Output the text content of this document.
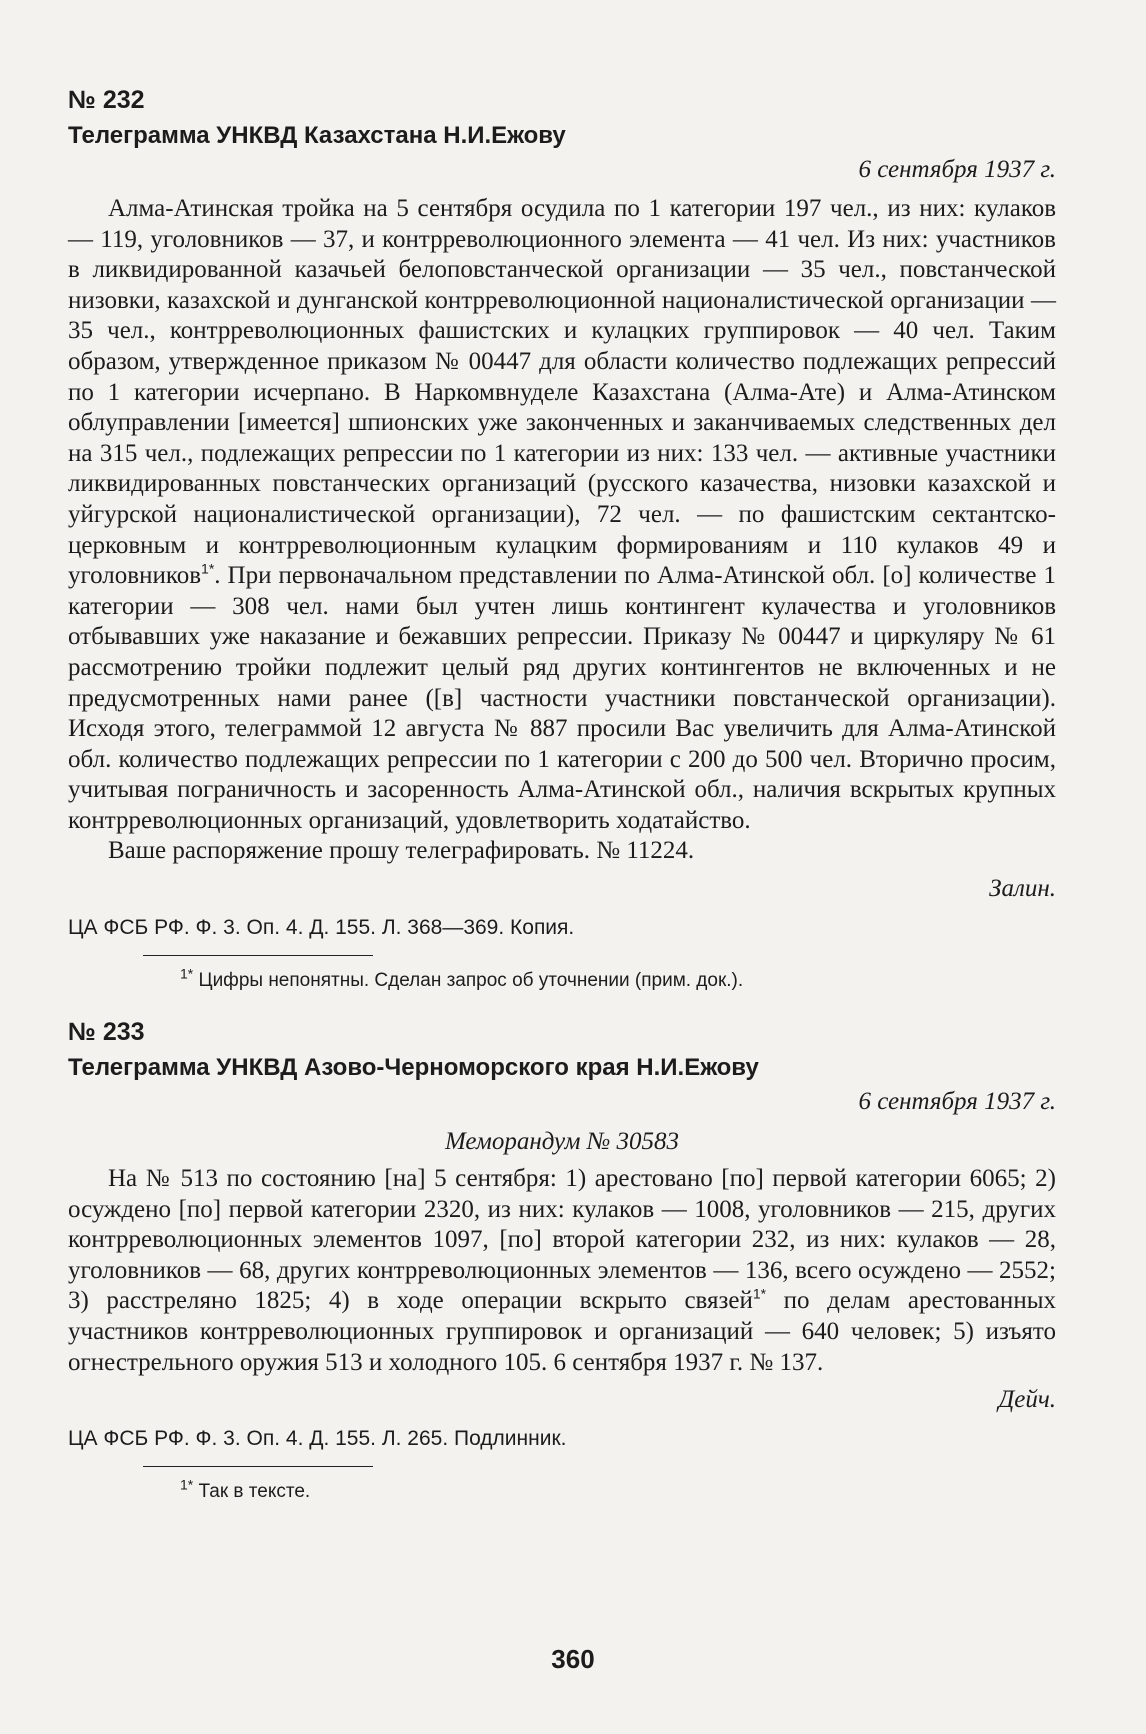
№ 232

Телеграмма УНКВД Казахстана Н.И.Ежову

6 сентября 1937 г.

Алма-Атинская тройка на 5 сентября осудила по 1 категории 197 чел., из них: кулаков — 119, уголовников — 37, и контрреволюционного элемента — 41 чел. Из них: участников в ликвидированной казачьей белоповстанческой организации — 35 чел., повстанческой низовки, казахской и дунганской контрреволюционной националистической организации — 35 чел., контрреволюционных фашистских и кулацких группировок — 40 чел. Таким образом, утвержденное приказом № 00447 для области количество подлежащих репрессий по 1 категории исчерпано. В Наркомвнуделе Казахстана (Алма-Ате) и Алма-Атинском облуправлении [имеется] шпионских уже законченных и заканчиваемых следственных дел на 315 чел., подлежащих репрессии по 1 категории из них: 133 чел. — активные участники ликвидированных повстанческих организаций (русского казачества, низовки казахской и уйгурской националистической организации), 72 чел. — по фашистским сектантско-церковным и контрреволюционным кулацким формированиям и 110 кулаков 49 и уголовников$^{1*}$. При первоначальном представлении по Алма-Атинской обл. [о] количестве 1 категории — 308 чел. нами был учтен лишь контингент кулачества и уголовников отбывавших уже наказание и бежавших репрессии. Приказу № 00447 и циркуляру № 61 рассмотрению тройки подлежит целый ряд других контингентов не включенных и не предусмотренных нами ранее ([в] частности участники повстанческой организации). Исходя этого, телеграммой 12 августа № 887 просили Вас увеличить для Алма-Атинской обл. количество подлежащих репрессии по 1 категории с 200 до 500 чел. Вторично просим, учитывая пограничность и засоренность Алма-Атинской обл., наличия вскрытых крупных контрреволюционных организаций, удовлетворить ходатайство.

Ваше распоряжение прошу телеграфировать. № 11224.

Залин.

ЦА ФСБ РФ. Ф. 3. Оп. 4. Д. 155. Л. 368—369. Копия.

$^{1*}$ Цифры непонятны. Сделан запрос об уточнении (прим. док.).

№ 233

Телеграмма УНКВД Азово-Черноморского края Н.И.Ежову

6 сентября 1937 г.

Меморандум № 30583

На № 513 по состоянию [на] 5 сентября: 1) арестовано [по] первой категории 6065; 2) осуждено [по] первой категории 2320, из них: кулаков — 1008, уголовников — 215, других контрреволюционных элементов 1097, [по] второй категории 232, из них: кулаков — 28, уголовников — 68, других контрреволюционных элементов — 136, всего осуждено — 2552; 3) расстреляно 1825; 4) в ходе операции вскрыто связей$^{1*}$ по делам арестованных участников контрреволюционных группировок и организаций — 640 человек; 5) изъято огнестрельного оружия 513 и холодного 105. 6 сентября 1937 г. № 137.

Дейч.

ЦА ФСБ РФ. Ф. 3. Оп. 4. Д. 155. Л. 265. Подлинник.

$^{1*}$ Так в тексте.

360
